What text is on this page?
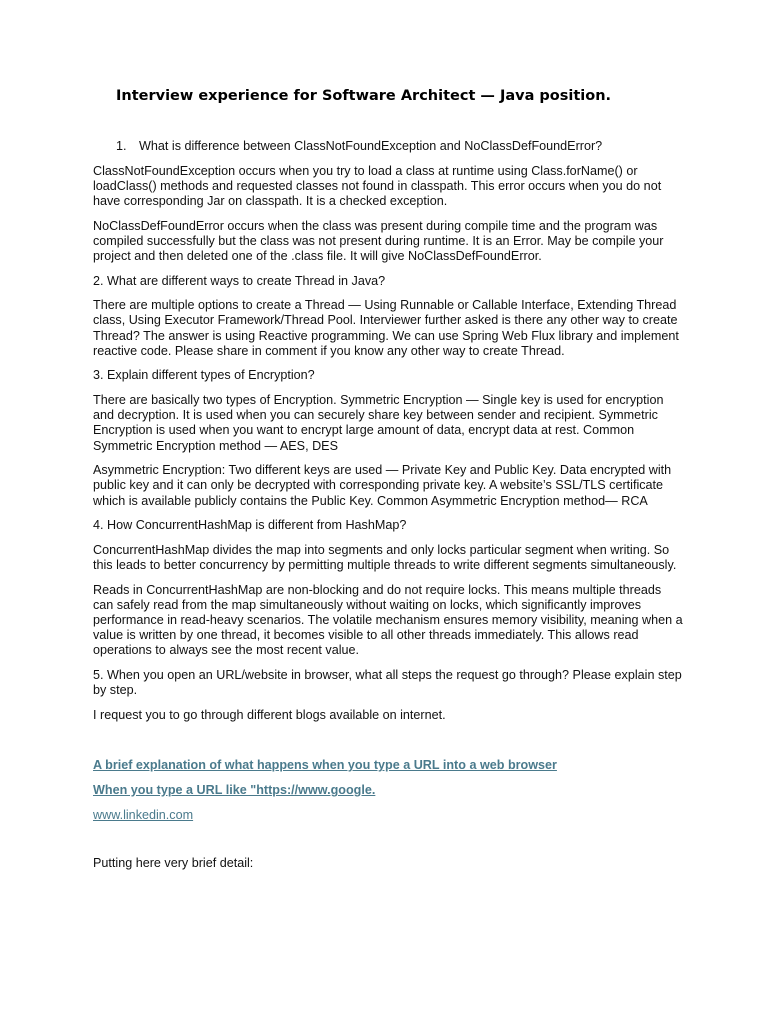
Interview experience for Software Architect — Java position.
1. What is difference between ClassNotFoundException and NoClassDefFoundError?

ClassNotFoundException occurs when you try to load a class at runtime using Class.forName() or loadClass() methods and requested classes not found in classpath. This error occurs when you do not have corresponding Jar on classpath. It is a checked exception.

NoClassDefFoundError occurs when the class was present during compile time and the program was compiled successfully but the class was not present during runtime. It is an Error. May be compile your project and then deleted one of the .class file. It will give NoClassDefFoundError.

2. What are different ways to create Thread in Java?

There are multiple options to create a Thread — Using Runnable or Callable Interface, Extending Thread class, Using Executor Framework/Thread Pool. Interviewer further asked is there any other way to create Thread? The answer is using Reactive programming. We can use Spring Web Flux library and implement reactive code. Please share in comment if you know any other way to create Thread.

3. Explain different types of Encryption?

There are basically two types of Encryption. Symmetric Encryption — Single key is used for encryption and decryption. It is used when you can securely share key between sender and recipient. Symmetric Encryption is used when you want to encrypt large amount of data, encrypt data at rest. Common Symmetric Encryption method — AES, DES

Asymmetric Encryption: Two different keys are used — Private Key and Public Key. Data encrypted with public key and it can only be decrypted with corresponding private key. A website’s SSL/TLS certificate which is available publicly contains the Public Key. Common Asymmetric Encryption method— RCA

4. How ConcurrentHashMap is different from HashMap?

ConcurrentHashMap divides the map into segments and only locks particular segment when writing. So this leads to better concurrency by permitting multiple threads to write different segments simultaneously.

Reads in ConcurrentHashMap are non-blocking and do not require locks. This means multiple threads can safely read from the map simultaneously without waiting on locks, which significantly improves performance in read-heavy scenarios. The volatile mechanism ensures memory visibility, meaning when a value is written by one thread, it becomes visible to all other threads immediately. This allows read operations to always see the most recent value.

5. When you open an URL/website in browser, what all steps the request go through? Please explain step by step.

I request you to go through different blogs available on internet.

A brief explanation of what happens when you type a URL into a web browser

When you type a URL like "https://www.google.

www.linkedin.com

Putting here very brief detail:
